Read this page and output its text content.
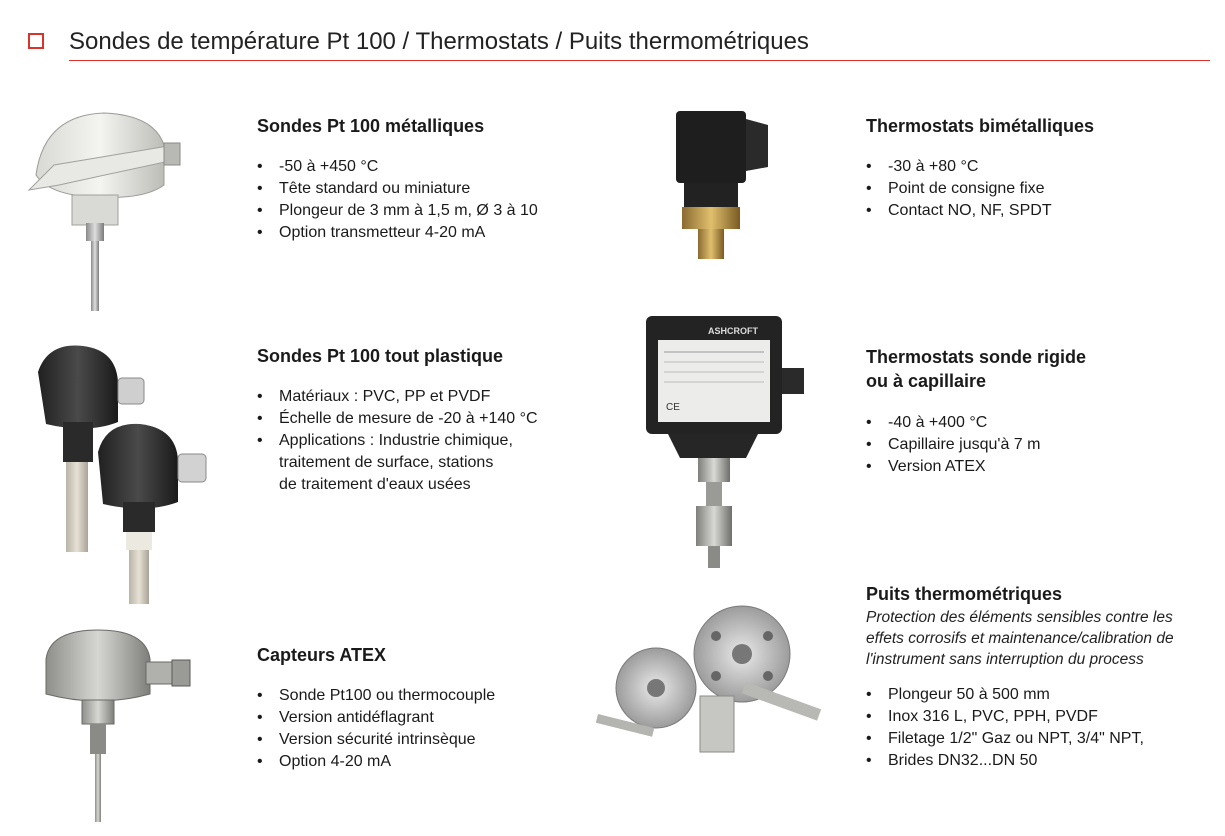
Sondes de température Pt 100 / Thermostats / Puits thermométriques
ASHCROFT
CE
Sondes Pt 100 métalliques
• -50 à +450 °C
• Tête standard ou miniature
• Plongeur de 3 mm à 1,5 m, Ø 3 à 10
• Option transmetteur 4-20 mA
Sondes Pt 100 tout plastique
• Matériaux : PVC, PP et PVDF
• Échelle de mesure de -20 à +140 °C
• Applications : Industrie chimique,
traitement de surface, stations
de traitement d'eaux usées
Capteurs ATEX
• Sonde Pt100 ou thermocouple
• Version antidéflagrant
• Version sécurité intrinsèque
• Option 4-20 mA
Thermostats bimétalliques
• -30 à +80 °C
• Point de consigne fixe
• Contact NO, NF, SPDT
Thermostats sonde rigide
ou à capillaire
• -40 à +400 °C
• Capillaire jusqu'à 7 m
• Version ATEX
Puits thermométriques
Protection des éléments sensibles contre les
effets corrosifs et maintenance/calibration de
l'instrument sans interruption du process
• Plongeur 50 à 500 mm
• Inox 316 L, PVC, PPH, PVDF
• Filetage 1/2" Gaz ou NPT, 3/4" NPT,
• Brides DN32...DN 50
